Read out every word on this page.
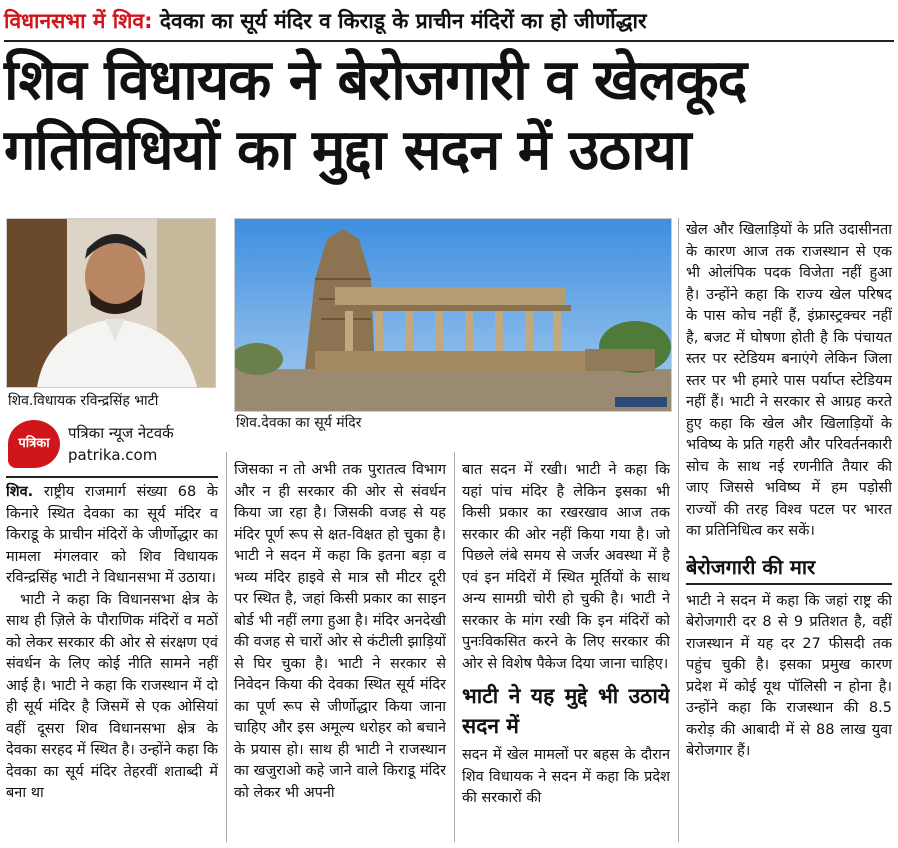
विधानसभा में शिव: देवका का सूर्य मंदिर व किराडू के प्राचीन मंदिरों का हो जीर्णोद्धार
शिव विधायक ने बेरोजगारी व खेलकूद
गतिविधियों का मुद्दा सदन में उठाया
शिव.विधायक रविन्द्रसिंह भाटी
शिव.देवका का सूर्य मंदिर
पत्रिका
पत्रिका न्यूज नेटवर्क
patrika.com

शिव. राष्ट्रीय राजमार्ग संख्या 68 के किनारे स्थित देवका का सूर्य मंदिर व किराडू के प्राचीन मंदिरों के जीर्णोद्धार का मामला मंगलवार को शिव विधायक रविन्द्रसिंह भाटी ने विधानसभा में उठाया।

भाटी ने कहा कि विधानसभा क्षेत्र के साथ ही ज़िले के पौराणिक मंदिरों व मठों को लेकर सरकार की ओर से संरक्षण एवं संवर्धन के लिए कोई नीति सामने नहीं आई है। भाटी ने कहा कि राजस्थान में दो ही सूर्य मंदिर है जिसमें से एक ओसियां वहीं दूसरा शिव विधानसभा क्षेत्र के देवका सरहद में स्थित है। उन्होंने कहा कि देवका का सूर्य मंदिर तेहरवीं शताब्दी में बना था

जिसका न तो अभी तक पुरातत्व विभाग और न ही सरकार की ओर से संवर्धन किया जा रहा है। जिसकी वजह से यह मंदिर पूर्ण रूप से क्षत-विक्षत हो चुका है। भाटी ने सदन में कहा कि इतना बड़ा व भव्य मंदिर हाइवे से मात्र सौ मीटर दूरी पर स्थित है, जहां किसी प्रकार का साइन बोर्ड भी नहीं लगा हुआ है। मंदिर अनदेखी की वजह से चारों ओर से कंटीली झाड़ियों से घिर चुका है। भाटी ने सरकार से निवेदन किया की देवका स्थित सूर्य मंदिर का पूर्ण रूप से जीर्णोद्धार किया जाना चाहिए और इस अमूल्य धरोहर को बचाने के प्रयास हो। साथ ही भाटी ने राजस्थान का खजुराओ कहे जाने वाले किराडू मंदिर को लेकर भी अपनी

बात सदन में रखी। भाटी ने कहा कि यहां पांच मंदिर है लेकिन इसका भी किसी प्रकार का रखरखाव आज तक सरकार की ओर नहीं किया गया है। जो पिछले लंबे समय से जर्जर अवस्था में है एवं इन मंदिरों में स्थित मूर्तियों के साथ अन्य सामग्री चोरी हो चुकी है। भाटी ने सरकार के मांग रखी कि इन मंदिरों को पुनःविकसित करने के लिए सरकार की ओर से विशेष पैकेज दिया जाना चाहिए।

भाटी ने यह मुद्दे भी उठाये सदन में

सदन में खेल मामलों पर बहस के दौरान शिव विधायक ने सदन में कहा कि प्रदेश की सरकारों की

खेल और खिलाड़ियों के प्रति उदासीनता के कारण आज तक राजस्थान से एक भी ओलंपिक पदक विजेता नहीं हुआ है। उन्होंने कहा कि राज्य खेल परिषद के पास कोच नहीं हैं, इंफ्रास्ट्रक्चर नहीं है, बजट में घोषणा होती है कि पंचायत स्तर पर स्टेडियम बनाएंगे लेकिन जिला स्तर पर भी हमारे पास पर्याप्त स्टेडियम नहीं हैं। भाटी ने सरकार से आग्रह करते हुए कहा कि खेल और खिलाड़ियों के भविष्य के प्रति गहरी और परिवर्तनकारी सोच के साथ नई रणनीति तैयार की जाए जिससे भविष्य में हम पड़ोसी राज्यों की तरह विश्व पटल पर भारत का प्रतिनिधित्व कर सकें।

बेरोजगारी की मार

भाटी ने सदन में कहा कि जहां राष्ट्र की बेरोजगारी दर 8 से 9 प्रतिशत है, वहीं राजस्थान में यह दर 27 फीसदी तक पहुंच चुकी है। इसका प्रमुख कारण प्रदेश में कोई यूथ पॉलिसी न होना है। उन्होंने कहा कि राजस्थान की 8.5 करोड़ की आबादी में से 88 लाख युवा बेरोजगार हैं।
